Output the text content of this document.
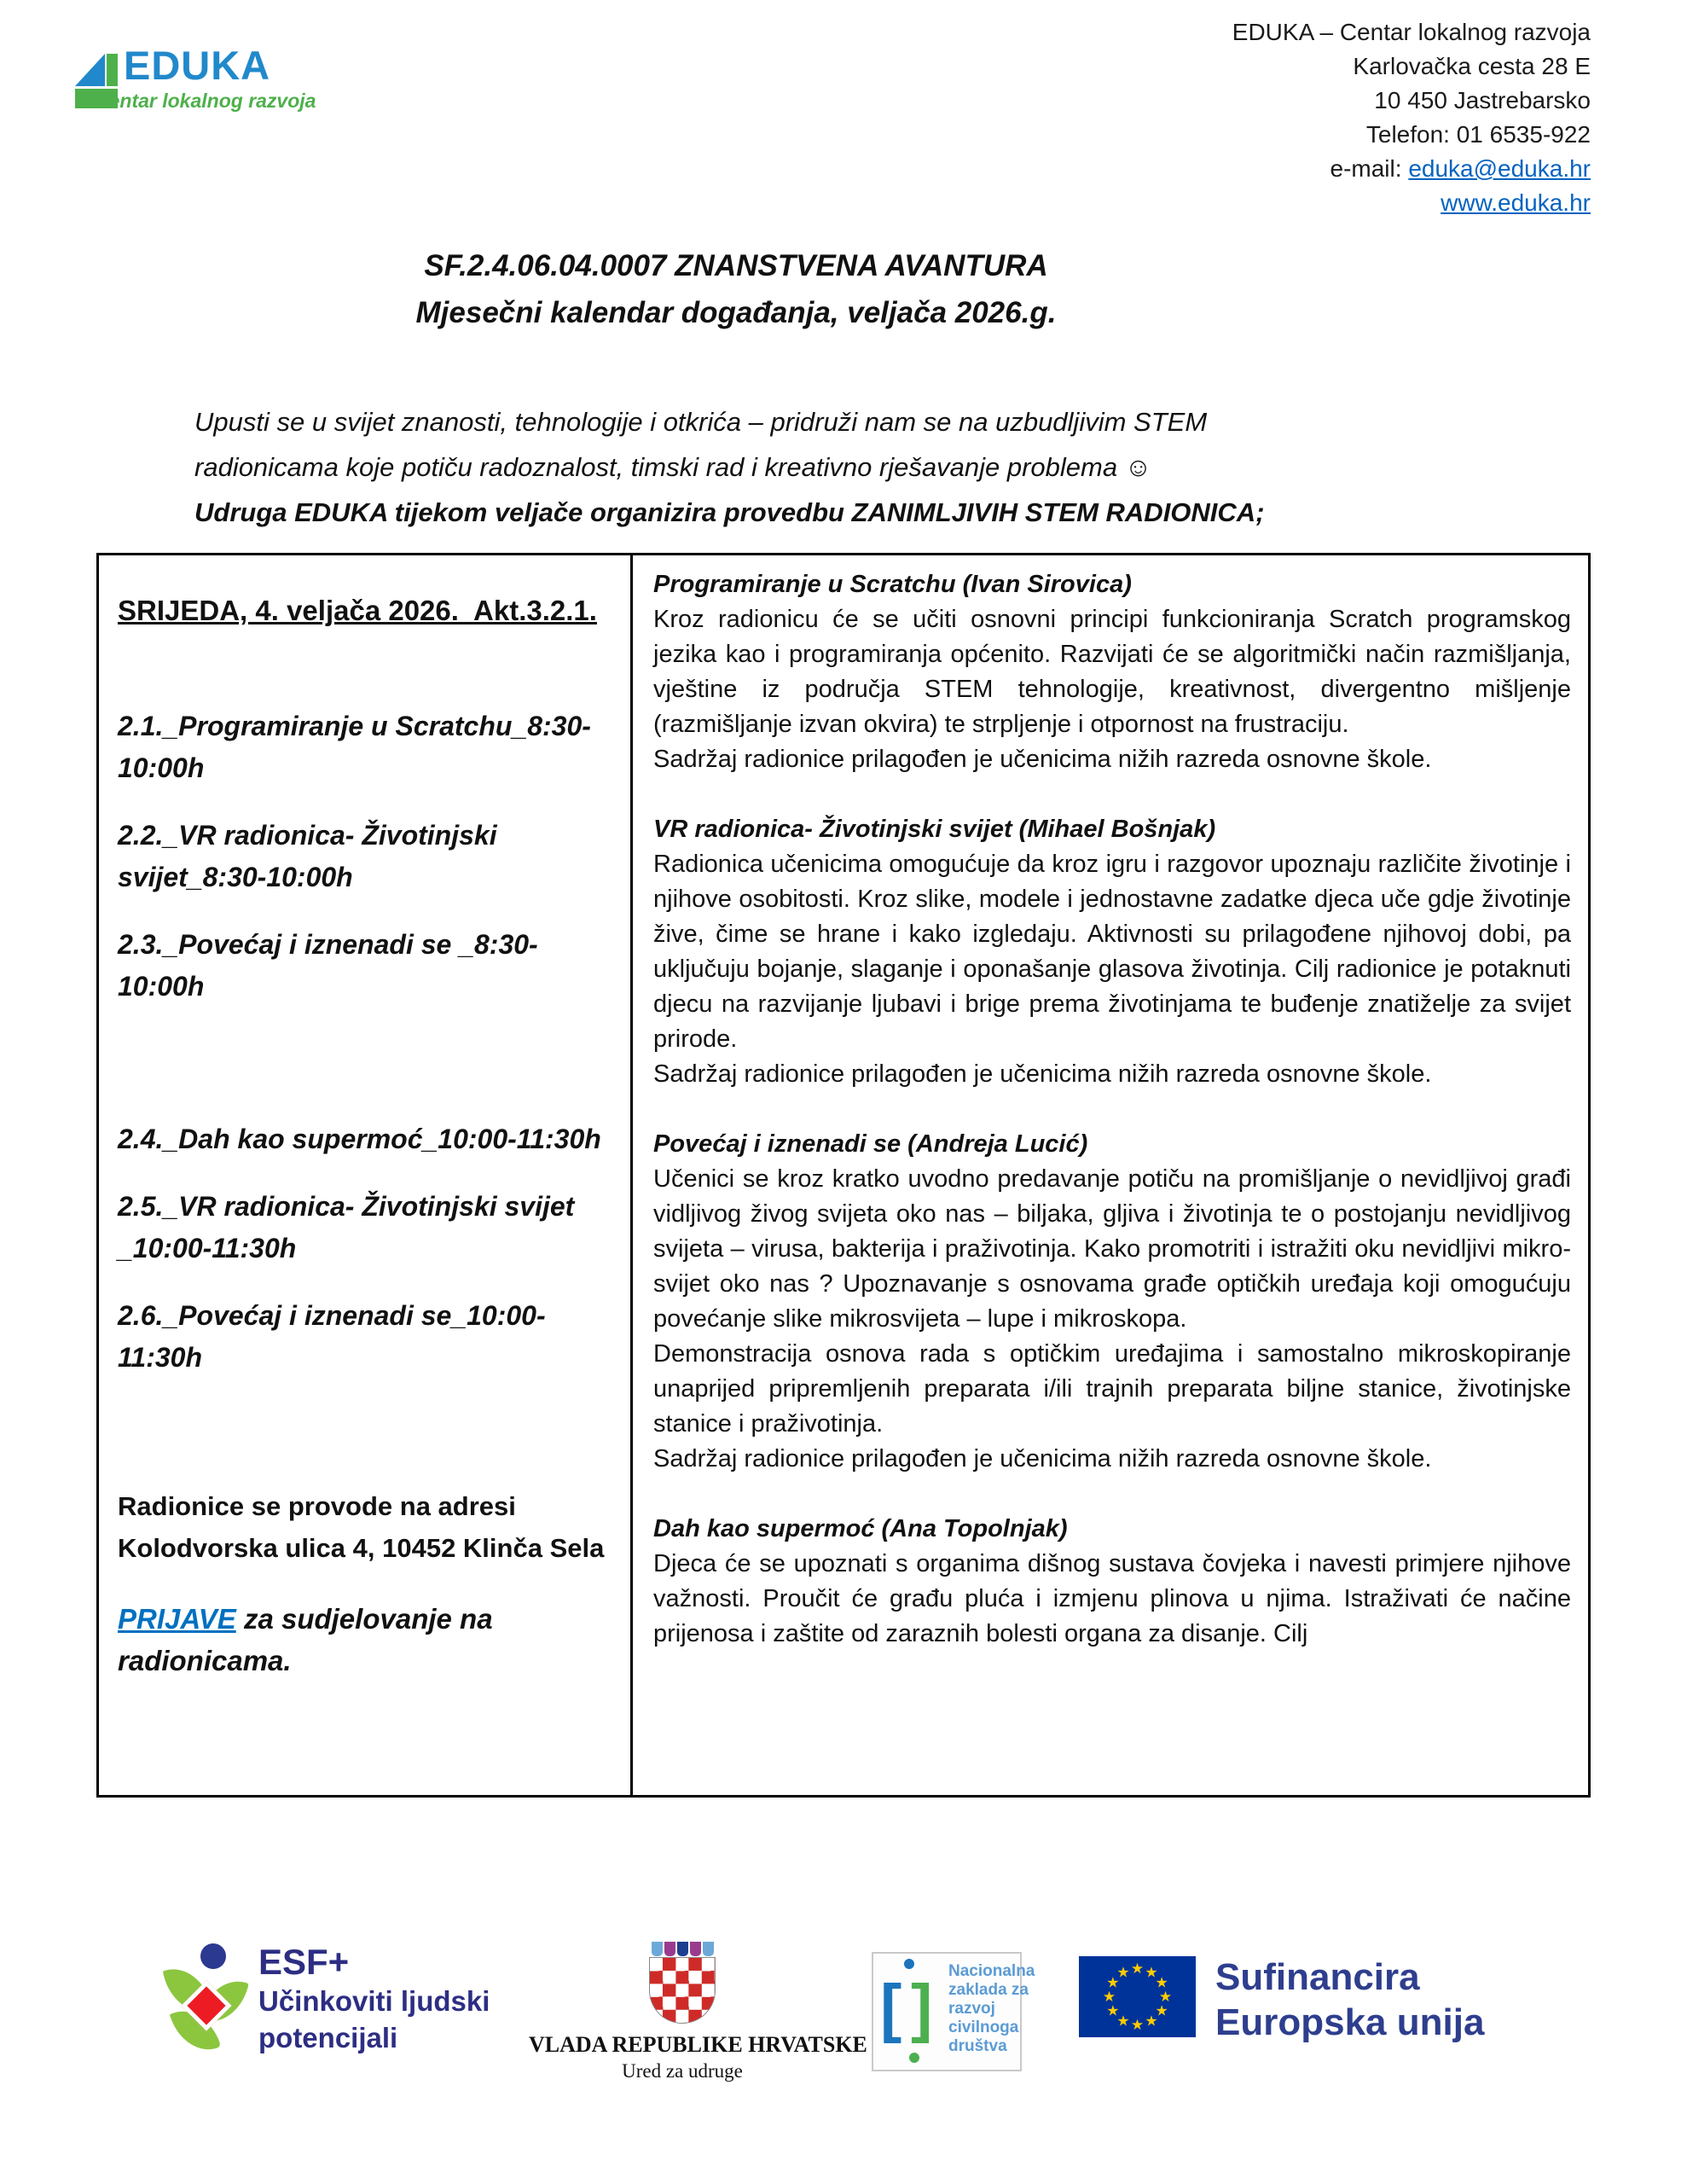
EDUKA
Centar lokalnog razvoja
EDUKA – Centar lokalnog razvoja
Karlovačka cesta 28 E
10 450 Jastrebarsko
Telefon: 01 6535-922
e-mail: eduka@eduka.hr
www.eduka.hr
SF.2.4.06.04.0007 ZNANSTVENA AVANTURA
Mjesečni kalendar događanja, veljača 2026.g.

Upusti se u svijet znanosti, tehnologije i otkrića – pridruži nam se na uzbudljivim STEM radionicama koje potiču radoznalost, timski rad i kreativno rješavanje problema ☺

Udruga EDUKA tijekom veljače organizira provedbu ZANIMLJIVIH STEM RADIONICA;

SRIJEDA, 4. veljača 2026.  Akt.3.2.1.
2.1._Programiranje u Scratchu_8:30-10:00h
2.2._VR radionica- Životinjski svijet_8:30-10:00h
2.3._Povećaj i iznenadi se _8:30-10:00h
2.4._Dah kao supermoć_10:00-11:30h
2.5._VR radionica- Životinjski svijet _10:00-11:30h
2.6._Povećaj i iznenadi se_10:00-11:30h
Radionice se provode na adresi
Kolodvorska ulica 4, 10452 Klinča Sela
PRIJAVE za sudjelovanje na radionicama.

Programiranje u Scratchu (Ivan Sirovica)

Kroz radionicu će se učiti osnovni principi funkcioniranja Scratch programskog jezika kao i programiranja općenito. Razvijati će se algoritmički način razmišljanja, vještine iz područja STEM tehnologije, kreativnost, divergentno mišljenje (razmišljanje izvan okvira) te strpljenje i otpornost na frustraciju.

Sadržaj radionice prilagođen je učenicima nižih razreda osnovne škole.

VR radionica- Životinjski svijet (Mihael Bošnjak)

Radionica učenicima omogućuje da kroz igru i razgovor upoznaju različite životinje i njihove osobitosti. Kroz slike, modele i jednostavne zadatke djeca uče gdje životinje žive, čime se hrane i kako izgledaju. Aktivnosti su prilagođene njihovoj dobi, pa uključuju bojanje, slaganje i oponašanje glasova životinja. Cilj radionice je potaknuti djecu na razvijanje ljubavi i brige prema životinjama te buđenje znatiželje za svijet prirode.

Sadržaj radionice prilagođen je učenicima nižih razreda osnovne škole.

Povećaj i iznenadi se (Andreja Lucić)

Učenici se kroz kratko uvodno predavanje potiču na promišljanje o nevidljivoj građi vidljivog živog svijeta oko nas – biljaka, gljiva i životinja te o postojanju nevidljivog svijeta – virusa, bakterija i praživotinja. Kako promotriti i istražiti oku nevidljivi mikro-svijet oko nas ? Upoznavanje s osnovama građe optičkih uređaja koji omogućuju povećanje slike mikrosvijeta – lupe i mikroskopa.

Demonstracija osnova rada s optičkim uređajima i samostalno mikroskopiranje unaprijed pripremljenih preparata i/ili trajnih preparata biljne stanice, životinjske stanice i praživotinja.

Sadržaj radionice prilagođen je učenicima nižih razreda osnovne škole.

Dah kao supermoć (Ana Topolnjak)

Djeca će se upoznati s organima dišnog sustava čovjeka i navesti primjere njihove važnosti. Proučit će građu pluća i izmjenu plinova u njima. Istraživati će načine prijenosa i zaštite od zaraznih bolesti organa za disanje. Cilj

ESF+
Učinkoviti ljudski
potencijali	VLADA REPUBLIKE HRVATSKE
Ured za udruge
[ ]
Nacionalna
zaklada za
razvoj
civilnoga
društva
★ ★
★
★
★
★
★
★
★
★
★
★ Sufinancira
Europska unija
